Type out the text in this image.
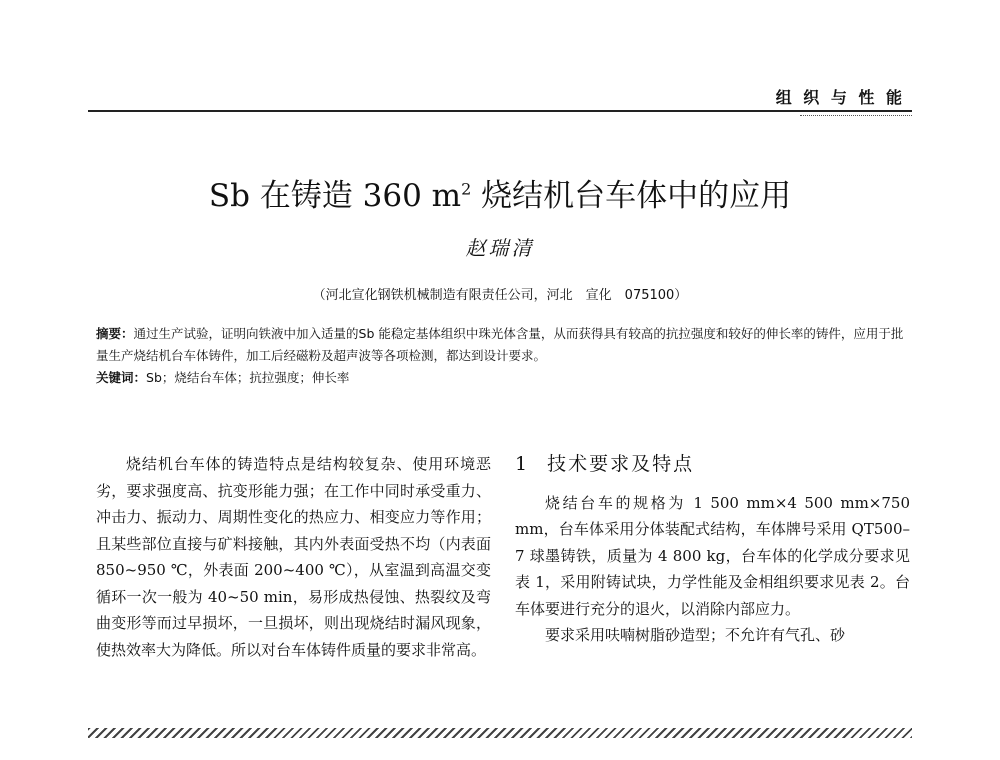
组 织 与 性 能
Sb 在铸造 360 $m^2$ 烧结机台车体中的应用
赵瑞清
（河北宣化钢铁机械制造有限责任公司，河北　宣化　075100）
摘要：通过生产试验，证明向铁液中加入适量的Sb 能稳定基体组织中珠光体含量，从而获得具有较高的抗拉强度和较好的伸长率的铸件，应用于批量生产烧结机台车体铸件，加工后经磁粉及超声波等各项检测，都达到设计要求。
关键词：Sb；烧结台车体；抗拉强度；伸长率

烧结机台车体的铸造特点是结构较复杂、使用环境恶劣，要求强度高、抗变形能力强；在工作中同时承受重力、冲击力、振动力、周期性变化的热应力、相变应力等作用；且某些部位直接与矿料接触，其内外表面受热不均（内表面 850~950 ℃，外表面 200~400 ℃），从室温到高温交变循环一次一般为 40~50 min，易形成热侵蚀、热裂纹及弯曲变形等而过早损坏，一旦损坏，则出现烧结时漏风现象，使热效率大为降低。所以对台车体铸件质量的要求非常高。

1 技术要求及特点

烧结台车的规格为 1 500 mm×4 500 mm×750 mm，台车体采用分体装配式结构，车体牌号采用 QT500–7 球墨铸铁，质量为 4 800 kg，台车体的化学成分要求见表 1，采用附铸试块，力学性能及金相组织要求见表 2。台车体要进行充分的退火，以消除内部应力。

要求采用呋喃树脂砂造型；不允许有气孔、砂
